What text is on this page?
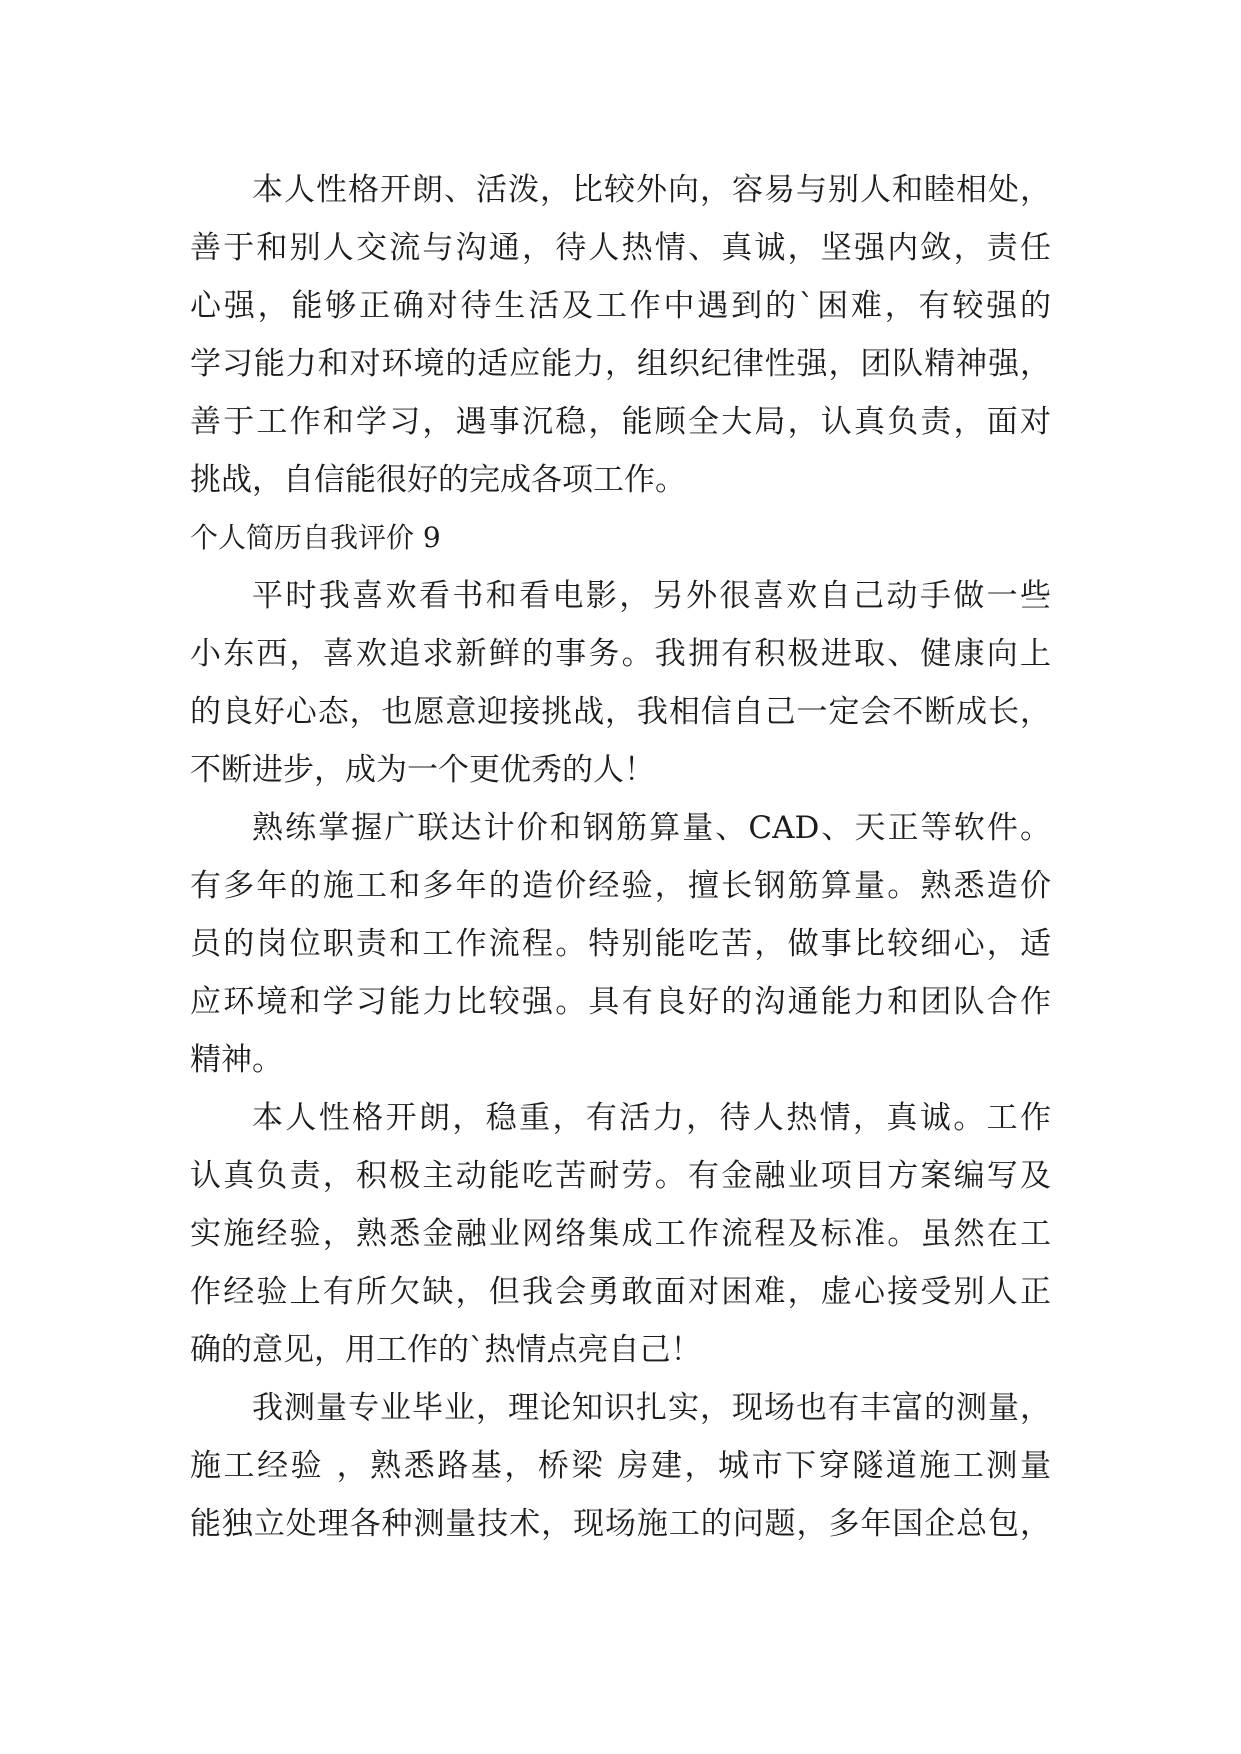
本人性格开朗、活泼，比较外向，容易与别人和睦相处，
善于和别人交流与沟通，待人热情、真诚，坚强内敛，责任
心强，能够正确对待生活及工作中遇到的`困难，有较强的
学习能力和对环境的适应能力，组织纪律性强，团队精神强，
善于工作和学习，遇事沉稳，能顾全大局，认真负责，面对
挑战，自信能很好的完成各项工作。
个人简历自我评价 9
平时我喜欢看书和看电影，另外很喜欢自己动手做一些
小东西，喜欢追求新鲜的事务。我拥有积极进取、健康向上
的良好心态，也愿意迎接挑战，我相信自己一定会不断成长，
不断进步，成为一个更优秀的人！
熟练掌握广联达计价和钢筋算量、CAD、天正等软件。
有多年的施工和多年的造价经验，擅长钢筋算量。熟悉造价
员的岗位职责和工作流程。特别能吃苦，做事比较细心，适
应环境和学习能力比较强。具有良好的沟通能力和团队合作
精神。
本人性格开朗，稳重，有活力，待人热情，真诚。工作
认真负责，积极主动能吃苦耐劳。有金融业项目方案编写及
实施经验，熟悉金融业网络集成工作流程及标准。虽然在工
作经验上有所欠缺，但我会勇敢面对困难，虚心接受别人正
确的意见，用工作的`热情点亮自己！
我测量专业毕业，理论知识扎实，现场也有丰富的测量，
施工经验 ，熟悉路基，桥梁 房建，城市下穿隧道施工测量
能独立处理各种测量技术，现场施工的问题，多年国企总包，
